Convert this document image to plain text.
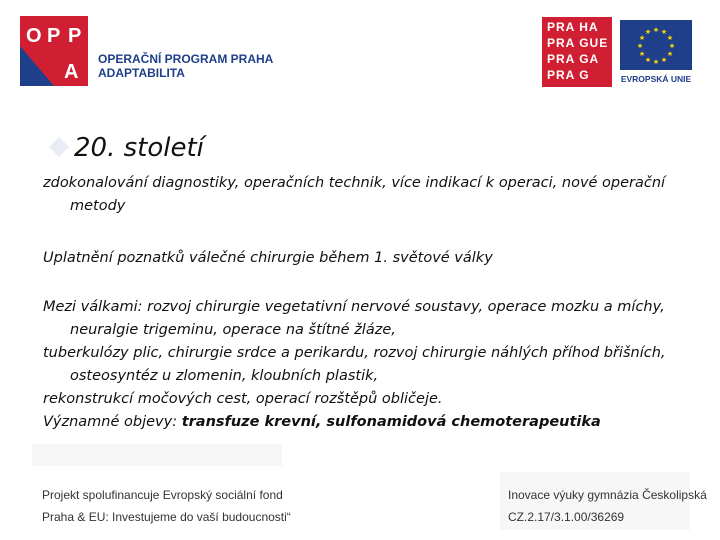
O P P
A
OPERAČNÍ PROGRAM PRAHA
ADAPTABILITA
PRA HA
PRA GUE
PRA GA
PRA G
★ ★
★
★
★
★
★
★
★
★
★
★
EVROPSKÁ UNIE
20. století

zdokonalování diagnostiky, operačních technik, více indikací k operaci, nové operační metody

Uplatnění poznatků válečné chirurgie během 1. světové války

Mezi válkami: rozvoj chirurgie vegetativní nervové soustavy, operace mozku a míchy, neuralgie trigeminu, operace na štítné žláze,

tuberkulózy plic, chirurgie srdce a perikardu, rozvoj chirurgie náhlých příhod břišních, osteosyntéz u zlomenin, kloubních plastik,

rekonstrukcí močových cest, operací rozštěpů obličeje.

Významné objevy: transfuze krevní, sulfonamidová chemoterapeutika

Projekt spolufinancuje Evropský sociální fond
Praha & EU: Investujeme do vaší budoucnosti“
Inovace výuky gymnázia Českolipská
CZ.2.17/3.1.00/36269
